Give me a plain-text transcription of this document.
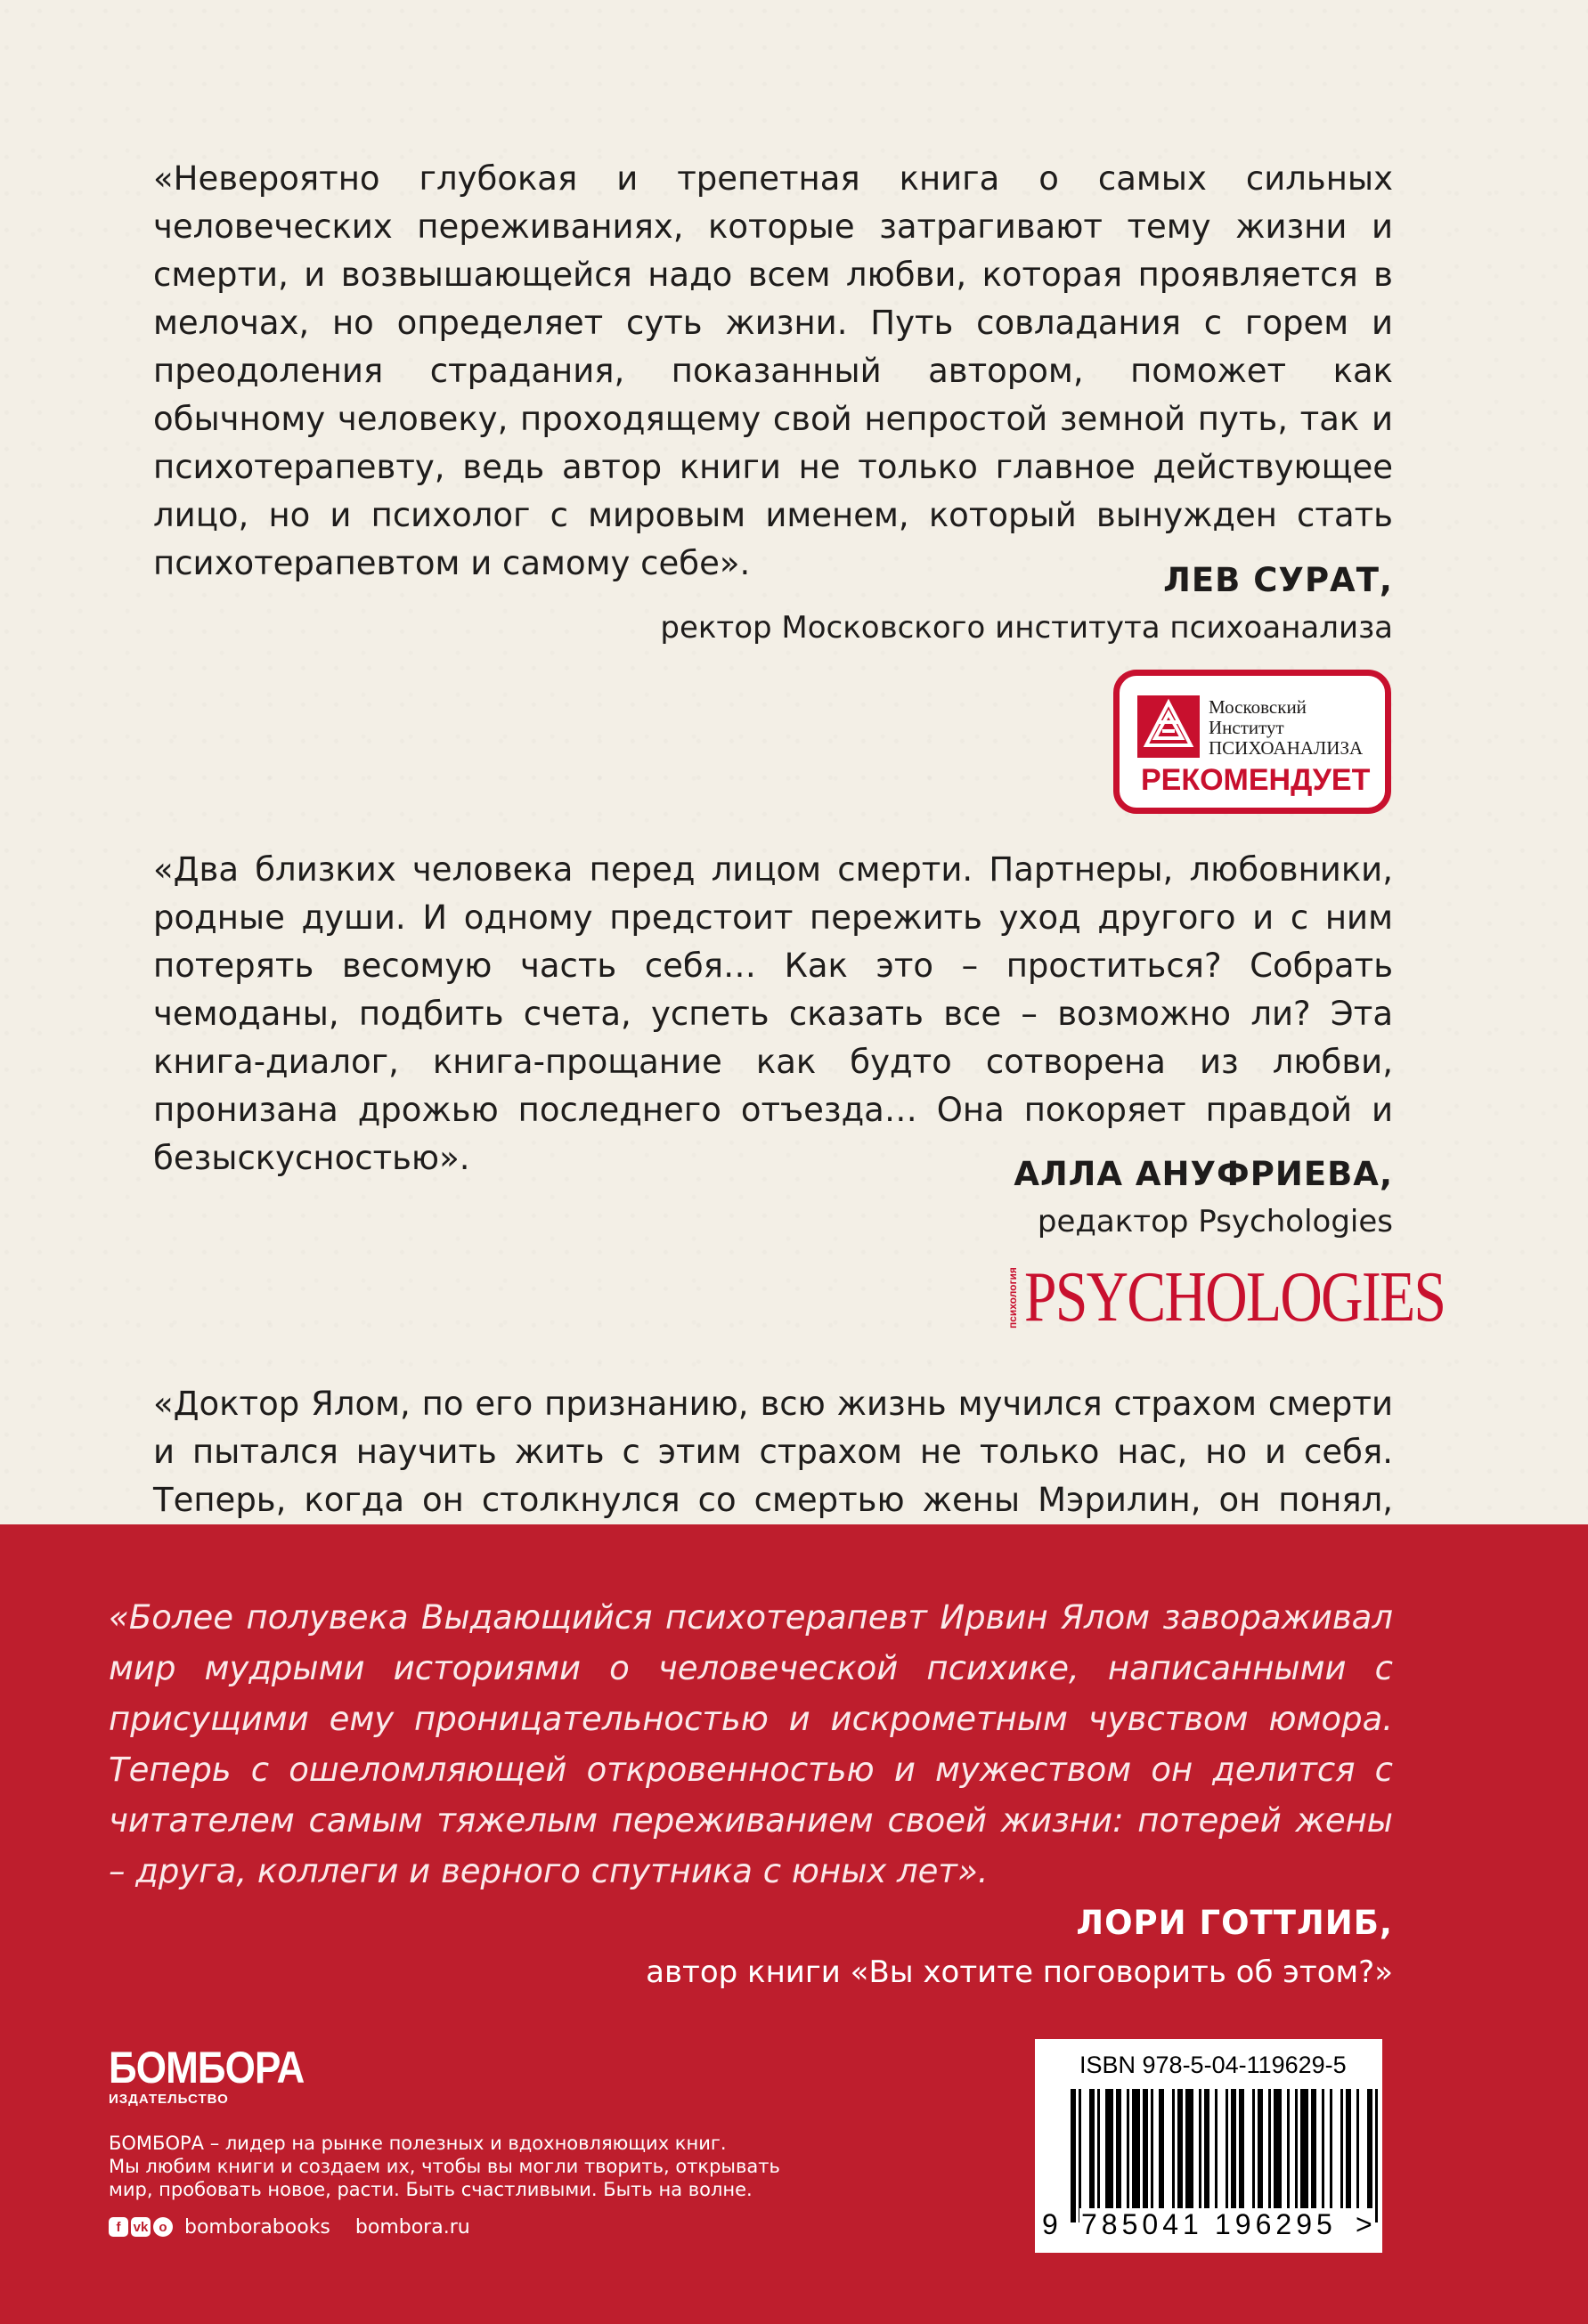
«Невероятно глубокая и трепетная книга о самых сильных человеческих переживаниях, которые затрагивают тему жизни и смерти, и возвышающейся надо всем любви, которая проявляется в мелочах, но определяет суть жизни. Путь совладания с горем и преодоления страдания, показанный автором, поможет как обычному человеку, проходящему свой непростой земной путь, так и психотерапевту, ведь автор книги не только главное действующее лицо, но и психолог с мировым именем, который вынужден стать психотерапевтом и самому себе».	ЛЕВ СУРАТ,
ректор Московского института психоанализа
Московский
Институт
ПСИХОАНАЛИЗА
РЕКОМЕНДУЕТ

«Два близких человека перед лицом смерти. Партнеры, любовники, родные души. И одному предстоит пережить уход другого и с ним потерять весомую часть себя… Как это – проститься? Собрать чемоданы, подбить счета, успеть сказать все – возможно ли? Эта книга-диалог, книга-прощание как будто сотворена из любви, пронизана дрожью последнего отъезда… Она покоряет правдой и безыскусностью».	АЛЛА АНУФРИЕВА,
редактор Psychologies
психология PSYCHOLOGIES

«Доктор Ялом, по его признанию, всю жизнь мучился страхом смерти и пытался научить жить с этим страхом не только нас, но и себя. Теперь, когда он столкнулся со смертью жены Мэрилин, он понял,

«Более полувека Выдающийся психотерапевт Ирвин Ялом завораживал мир мудрыми историями о человеческой психике, написанными с присущими ему проницательностью и искрометным чувством юмора. Теперь с ошеломляющей откровенностью и мужеством он делится с читателем самым тяжелым переживанием своей жизни: потерей жены – друга, коллеги и верного спутника с юных лет».

ЛОРИ ГОТТЛИБ,
автор книги «Вы хотите поговорить об этом?»
БОМБОРА
ИЗДАТЕЛЬСТВО
БОМБОРА – лидер на рынке полезных и вдохновляющих книг.
Мы любим книги и создаем их, чтобы вы могли творить, открывать
мир, пробовать новое, расти. Быть счастливыми. Быть на волне.
f vk o bomborabooks bombora.ru
ISBN 978-5-04-119629-5
9 785041 196295 >
